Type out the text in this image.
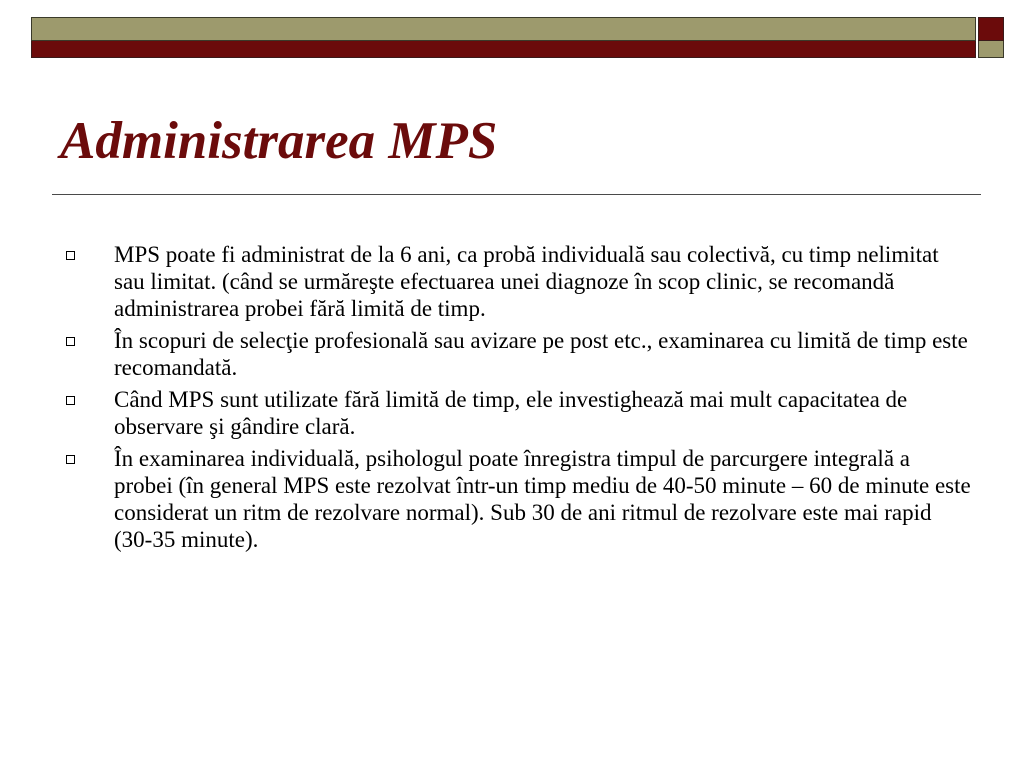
Administrarea MPS
MPS poate fi administrat de la 6 ani, ca probă individuală sau colectivă, cu timp nelimitat sau limitat. (când se urmăreşte efectuarea unei diagnoze în scop clinic, se recomandă administrarea probei fără limită de timp.
În scopuri de selecţie profesională sau avizare pe post etc., examinarea cu limită de timp este recomandată.
Când MPS sunt utilizate fără limită de timp, ele investighează mai mult capacitatea de observare şi gândire clară.
În examinarea individuală, psihologul poate înregistra timpul de parcurgere integrală a probei (în general MPS este rezolvat într-un timp mediu de 40-50 minute – 60 de minute este considerat un ritm de rezolvare normal). Sub 30 de ani ritmul de rezolvare este mai rapid (30-35 minute).
